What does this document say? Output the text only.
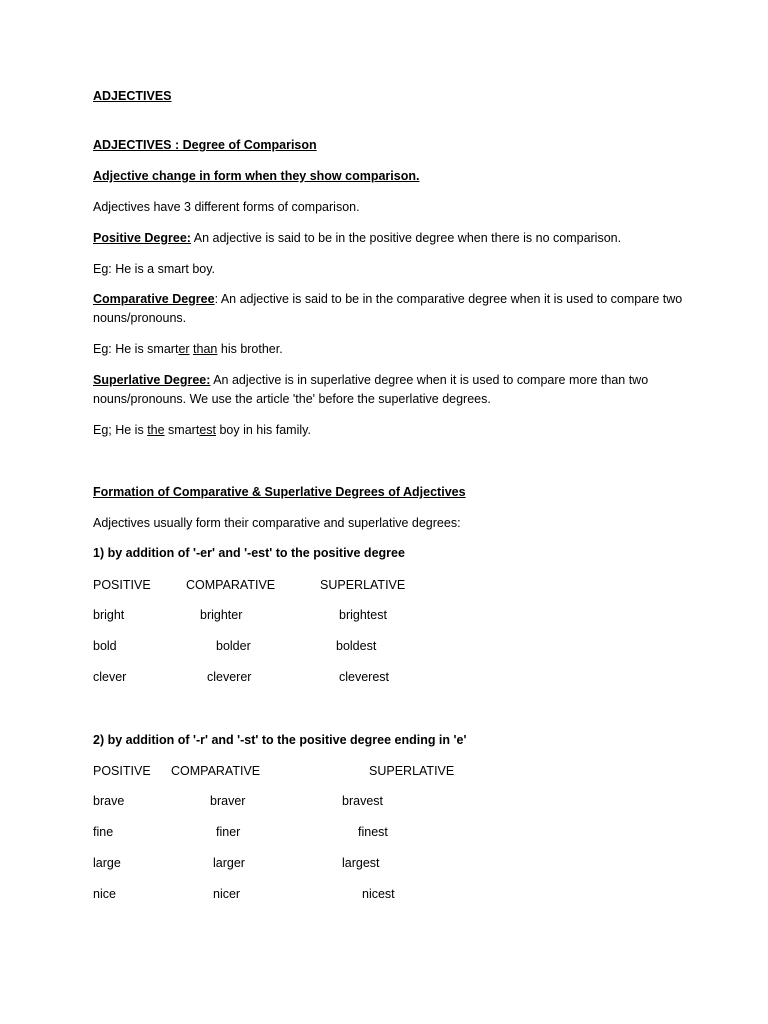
ADJECTIVES
ADJECTIVES : Degree of Comparison
Adjective change in form when they show comparison.
Adjectives have 3 different forms of comparison.
Positive Degree: An adjective is said to be in the positive degree when there is no comparison.
Eg: He is a smart boy.
Comparative Degree: An adjective is said to be in the comparative degree when it is used to compare two nouns/pronouns.
Eg: He is smarter than his brother.
Superlative Degree: An adjective is in superlative degree when it is used to compare more than two nouns/pronouns. We use the article 'the' before the superlative degrees.
Eg; He is the smartest boy in his family.
Formation of Comparative & Superlative Degrees of Adjectives
Adjectives usually form their comparative and superlative degrees:
1) by addition of '-er' and '-est' to the positive degree
POSITIVE	COMPARATIVE	SUPERLATIVE
bright	brighter	brightest
bold	bolder	boldest
clever	cleverer	cleverest
2) by addition of '-r' and '-st' to the positive degree ending in 'e'
POSITIVE COMPARATIVE	SUPERLATIVE
brave	braver	bravest
fine	finer	finest
large	larger	largest
nice	nicer	nicest
